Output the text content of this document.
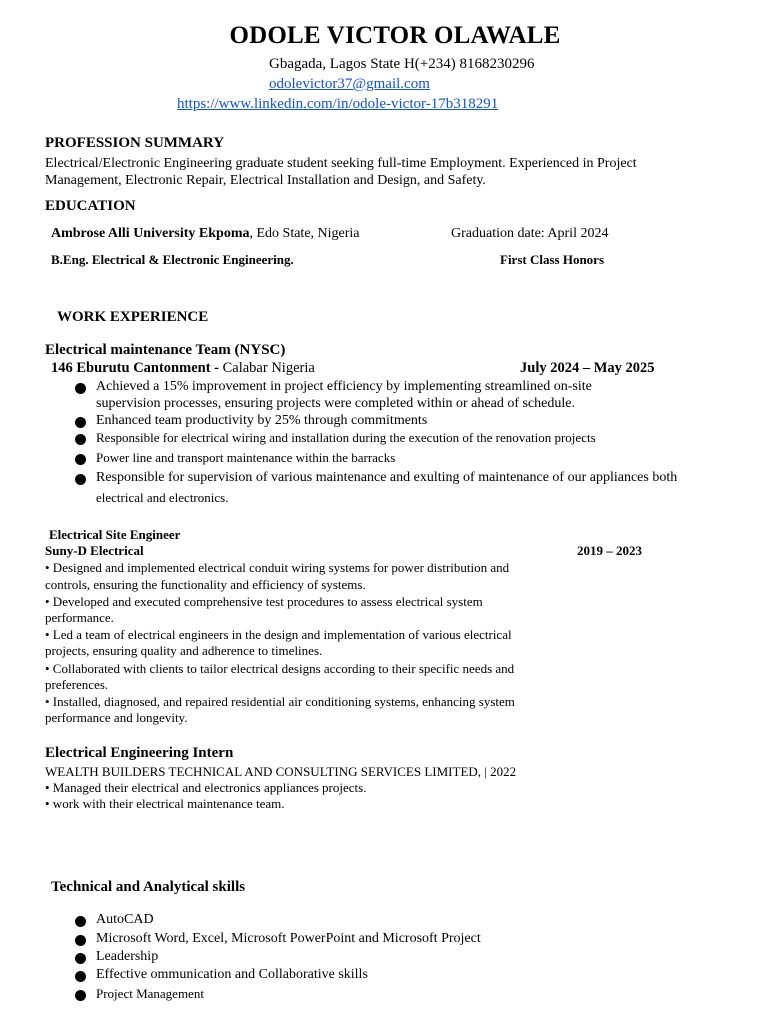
ODOLE VICTOR OLAWALE
Gbagada, Lagos State H(+234) 8168230296
odolevictor37@gmail.com
https://www.linkedin.com/in/odole-victor-17b318291
PROFESSION SUMMARY
Electrical/Electronic Engineering graduate student seeking full-time Employment. Experienced in Project
Management, Electronic Repair, Electrical Installation and Design, and Safety.
EDUCATION
Ambrose Alli University Ekpoma, Edo State, Nigeria	Graduation date: April 2024
B.Eng. Electrical & Electronic Engineering.	First Class Honors
WORK EXPERIENCE
Electrical maintenance Team (NYSC)
146 Eburutu Cantonment - Calabar Nigeria	July 2024 – May 2025
Achieved a 15% improvement in project efficiency by implementing streamlined on-site
supervision processes, ensuring projects were completed within or ahead of schedule.
Enhanced team productivity by 25% through commitments
Responsible for electrical wiring and installation during the execution of the renovation projects
Power line and transport maintenance within the barracks
Responsible for supervision of various maintenance and exulting of maintenance of our appliances both
electrical and electronics.
Electrical Site Engineer
Suny-D Electrical	2019 – 2023
• Designed and implemented electrical conduit wiring systems for power distribution and
controls, ensuring the functionality and efficiency of systems.
• Developed and executed comprehensive test procedures to assess electrical system
performance.
• Led a team of electrical engineers in the design and implementation of various electrical
projects, ensuring quality and adherence to timelines.
• Collaborated with clients to tailor electrical designs according to their specific needs and
preferences.
• Installed, diagnosed, and repaired residential air conditioning systems, enhancing system
performance and longevity.
Electrical Engineering Intern
WEALTH BUILDERS TECHNICAL AND CONSULTING SERVICES LIMITED, | 2022
• Managed their electrical and electronics appliances projects.
• work with their electrical maintenance team.
Technical and Analytical skills
AutoCAD
Microsoft Word, Excel, Microsoft PowerPoint and Microsoft Project
Leadership
Effective ommunication and Collaborative skills
Project Management
